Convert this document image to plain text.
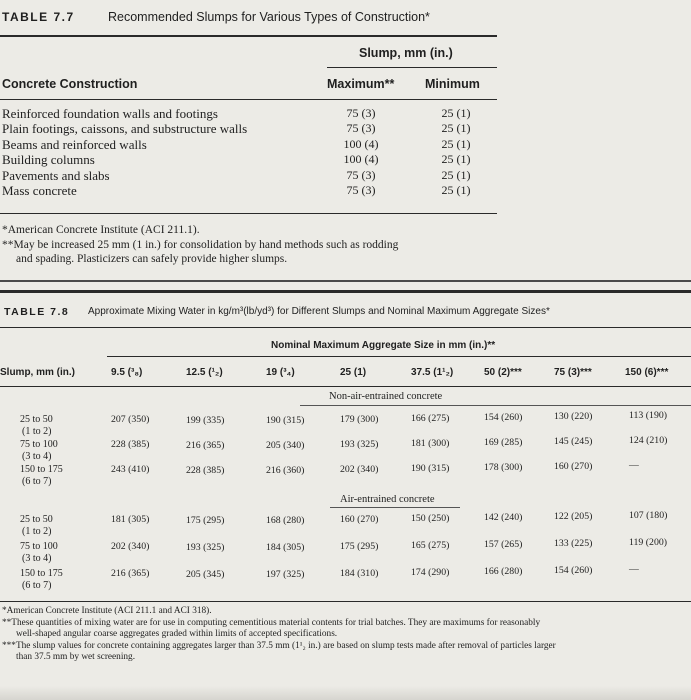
TABLE 7.7	Recommended Slumps for Various Types of Construction*
Slump, mm (in.)
Concrete Construction	Maximum** Minimum
Reinforced foundation walls and footings	75 (3)	25 (1)
Plain footings, caissons, and substructure walls	75 (3)	25 (1)
Beams and reinforced walls	100 (4)	25 (1)
Building columns	100 (4)	25 (1)
Pavements and slabs	75 (3)	25 (1)
Mass concrete	75 (3)	25 (1)
*American Concrete Institute (ACI 211.1).
**May be increased 25 mm (1 in.) for consolidation by hand methods such as rodding
and spading. Plasticizers can safely provide higher slumps.
TABLE 7.8 Approximate Mixing Water in kg/m³(lb/yd³) for Different Slumps and Nominal Maximum Aggregate Sizes*
Nominal Maximum Aggregate Size in mm (in.)**
Slump, mm (in.)	9.5 (³₈)	12.5 (¹₂)	19 (³₄)	25 (1)	37.5 (1¹₂)	50 (2)***	75 (3)***	150 (6)***
Non-air-entrained concrete
25 to 50
(1 to 2)
207 (350)	199 (335)	190 (315)	179 (300)	166 (275)	154 (260)	130 (220)	113 (190)
75 to 100
(3 to 4)
228 (385)	216 (365)	205 (340)	193 (325)	181 (300)	169 (285)	145 (245)	124 (210)
150 to 175
(6 to 7)
243 (410)	228 (385)	216 (360)	202 (340)	190 (315)	178 (300)	160 (270)	—
Air-entrained concrete
25 to 50
(1 to 2)
181 (305)	175 (295)	168 (280)	160 (270)	150 (250)	142 (240)	122 (205)	107 (180)
75 to 100
(3 to 4)
202 (340)	193 (325)	184 (305)	175 (295)	165 (275)	157 (265)	133 (225)	119 (200)
150 to 175
(6 to 7)
216 (365)	205 (345)	197 (325)	184 (310)	174 (290)	166 (280)	154 (260)	—
*American Concrete Institute (ACI 211.1 and ACI 318).
**These quantities of mixing water are for use in computing cementitious material contents for trial batches. They are maximums for reasonably
well-shaped angular coarse aggregates graded within limits of accepted specifications.
***The slump values for concrete containing aggregates larger than 37.5 mm (1¹₂ in.) are based on slump tests made after removal of particles larger
than 37.5 mm by wet screening.
